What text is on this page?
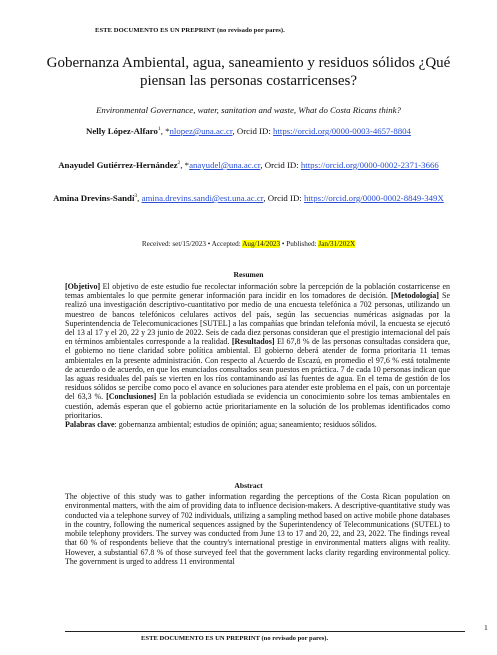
ESTE DOCUMENTO ES UN PREPRINT (no revisado por pares).
Gobernanza Ambiental, agua, saneamiento y residuos sólidos ¿Qué piensan las personas costarricenses?
Environmental Governance, water, sanitation and waste, What do Costa Ricans think?
Nelly López-Alfaro$^1$, *nlopez@una.ac.cr, Orcid ID: https://orcid.org/0000-0003-4657-8804
Anayudel Gutiérrez-Hernández$^2$, *anayudel@una.ac.cr, Orcid ID: https://orcid.org/0000-0002-2371-3666
Amina Drevins-Sandí$^3$, amina.drevins.sandi@est.una.ac.cr, Orcid ID: https://orcid.org/0000-0002-8849-349X
Received: set/15/2023 • Accepted: Aug/14/2023 • Published: Jan/31/202X
Resumen

[Objetivo] El objetivo de este estudio fue recolectar información sobre la percepción de la población costarricense en temas ambientales lo que permite generar información para incidir en los tomadores de decisión. [Metodología] Se realizó una investigación descriptivo-cuantitativo por medio de una encuesta telefónica a 702 personas, utilizando un muestreo de bancos telefónicos celulares activos del país, según las secuencias numéricas asignadas por la Superintendencia de Telecomunicaciones [SUTEL] a las compañías que brindan telefonía móvil, la encuesta se ejecutó del 13 al 17 y el 20, 22 y 23 junio de 2022. Seis de cada diez personas consideran que el prestigio internacional del país en términos ambientales corresponde a la realidad. [Resultados] El 67,8 % de las personas consultadas considera que, el gobierno no tiene claridad sobre política ambiental. El gobierno deberá atender de forma prioritaria 11 temas ambientales en la presente administración. Con respecto al Acuerdo de Escazú, en promedio el 97,6 % está totalmente de acuerdo o de acuerdo, en que los enunciados consultados sean puestos en práctica. 7 de cada 10 personas indican que las aguas residuales del país se vierten en los ríos contaminando así las fuentes de agua. En el tema de gestión de los residuos sólidos se percibe como poco el avance en soluciones para atender este problema en el país, con un porcentaje del 63,3 %. [Conclusiones] En la población estudiada se evidencia un conocimiento sobre los temas ambientales en cuestión, además esperan que el gobierno actúe prioritariamente en la solución de los problemas identificados como prioritarios.

Palabras clave: gobernanza ambiental; estudios de opinión; agua; saneamiento; residuos sólidos.

Abstract

The objective of this study was to gather information regarding the perceptions of the Costa Rican population on environmental matters, with the aim of providing data to influence decision-makers. A descriptive-quantitative study was conducted via a telephone survey of 702 individuals, utilizing a sampling method based on active mobile phone databases in the country, following the numerical sequences assigned by the Superintendency of Telecommunications (SUTEL) to mobile telephony providers. The survey was conducted from June 13 to 17 and 20, 22, and 23, 2022. The findings reveal that 60 % of respondents believe that the country's international prestige in environmental matters aligns with reality. However, a substantial 67.8 % of those surveyed feel that the government lacks clarity regarding environmental policy. The government is urged to address 11 environmental

1
ESTE DOCUMENTO ES UN PREPRINT (no revisado por pares).
